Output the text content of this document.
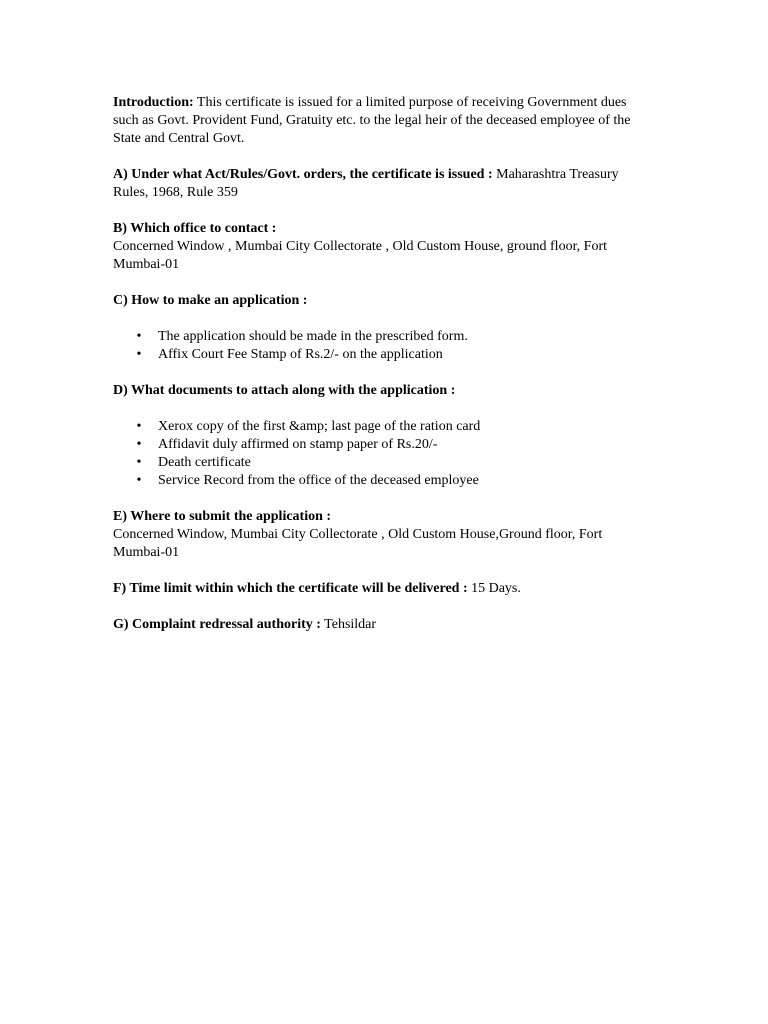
Introduction: This certificate is issued for a limited purpose of receiving Government dues such as Govt. Provident Fund, Gratuity etc. to the legal heir of the deceased employee of the State and Central Govt.

A) Under what Act/Rules/Govt. orders, the certificate is issued : Maharashtra Treasury Rules, 1968, Rule 359

B) Which office to contact :
Concerned Window , Mumbai City Collectorate , Old Custom House, ground floor, Fort Mumbai-01

C) How to make an application :

• The application should be made in the prescribed form.
• Affix Court Fee Stamp of Rs.2/- on the application

D) What documents to attach along with the application :

• Xerox copy of the first &amp; last page of the ration card
• Affidavit duly affirmed on stamp paper of Rs.20/-
• Death certificate
• Service Record from the office of the deceased employee

E) Where to submit the application :
Concerned Window, Mumbai City Collectorate , Old Custom House,Ground floor, Fort Mumbai-01

F) Time limit within which the certificate will be delivered : 15 Days.

G) Complaint redressal authority : Tehsildar
